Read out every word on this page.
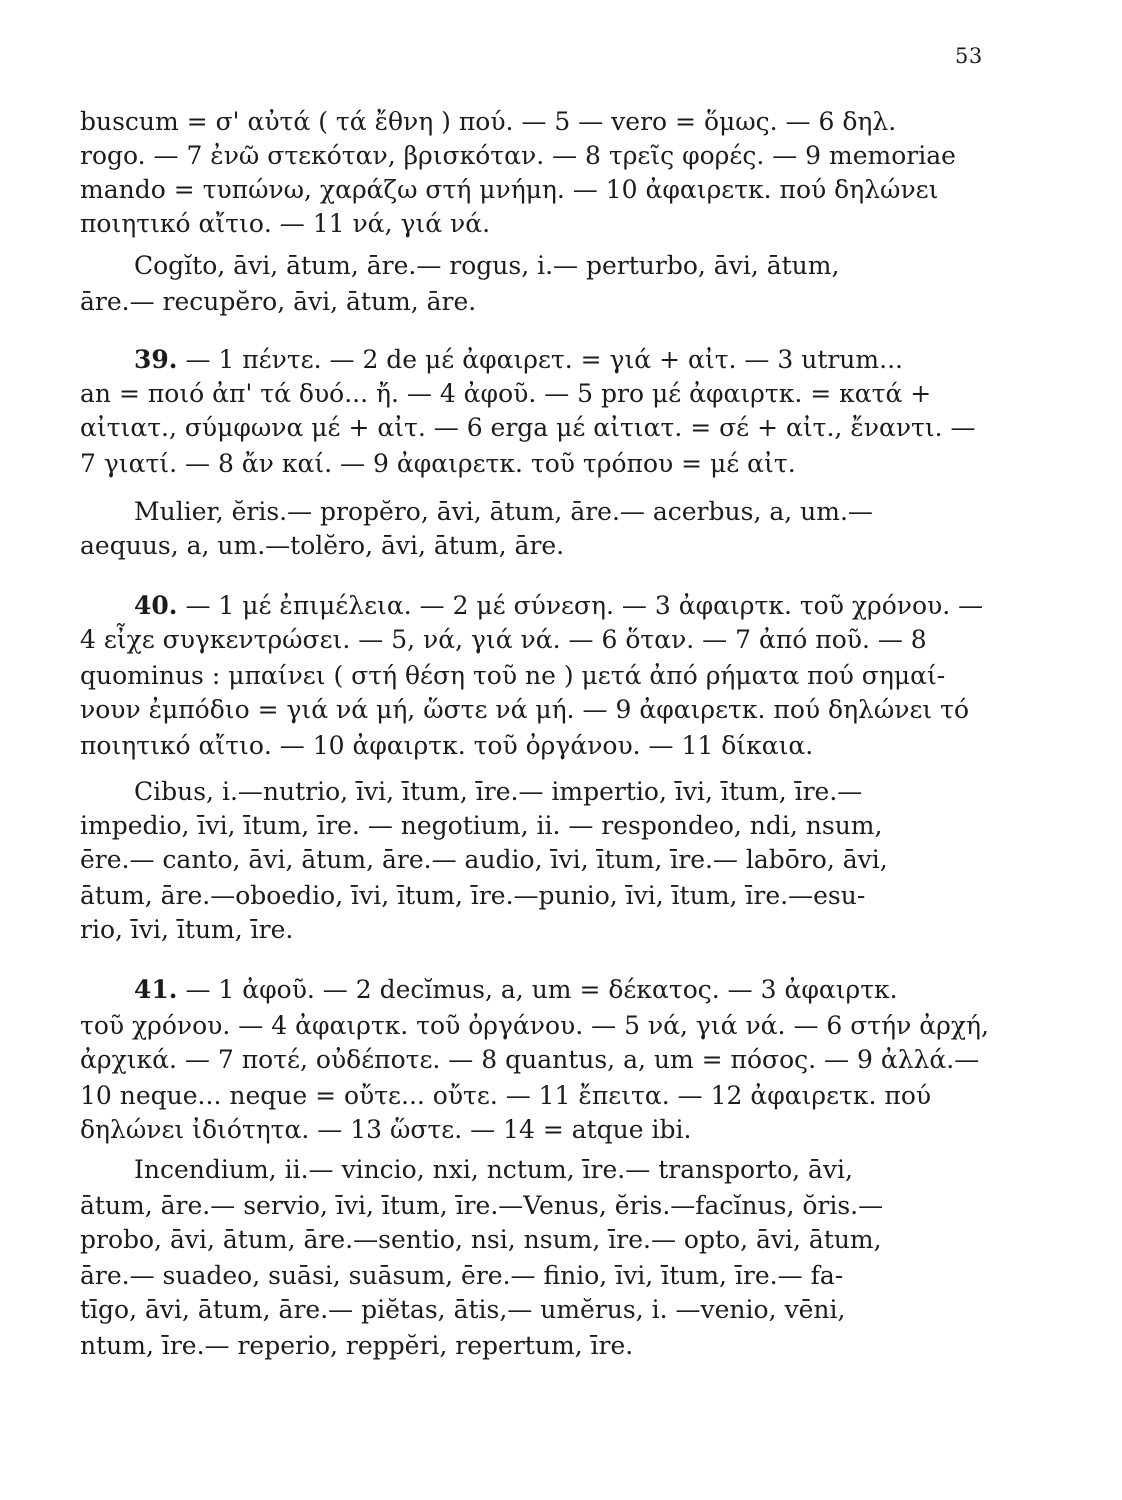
53
buscum = σ' αὐτά ( τά ἔθνη ) πού. — 5 — vero = ὅμως. — 6 δηλ.
rogo. — 7 ἐνῶ στεκόταν, βρισκόταν. — 8 τρεῖς φορές. — 9 memoriae
mando = τυπώνω, χαράζω στή μνήμη. — 10 ἀφαιρετκ. πού δηλώνει
ποιητικό αἴτιο. — 11 νά, γιά νά.
Cogĭto, āvi, ātum, āre.— rogus, i.— perturbo, āvi, ātum,
āre.— recupĕro, āvi, ātum, āre.
39. — 1 πέντε. — 2 de μέ ἀφαιρετ. = γιά + αἰτ. — 3 utrum...
an = ποιό ἀπ' τά δυό... ἤ. — 4 ἀφοῦ. — 5 pro μέ ἀφαιρτκ. = κατά +
αἰτιατ., σύμφωνα μέ + αἰτ. — 6 erga μέ αἰτιατ. = σέ + αἰτ., ἔναντι. —
7 γιατί. — 8 ἄν καί. — 9 ἀφαιρετκ. τοῦ τρόπου = μέ αἰτ.
Mulier, ĕris.— propĕro, āvi, ātum, āre.— acerbus, a, um.—
aequus, a, um.—tolĕro, āvi, ātum, āre.
40. — 1 μέ ἐπιμέλεια. — 2 μέ σύνεση. — 3 ἀφαιρτκ. τοῦ χρόνου. —
4 εἶχε συγκεντρώσει. — 5, νά, γιά νά. — 6 ὅταν. — 7 ἀπό ποῦ. — 8
quominus : μπαίνει ( στή θέση τοῦ ne ) μετά ἀπό ρήματα πού σημαί-
νουν ἐμπόδιο = γιά νά μή, ὥστε νά μή. — 9 ἀφαιρετκ. πού δηλώνει τό
ποιητικό αἴτιο. — 10 ἀφαιρτκ. τοῦ ὀργάνου. — 11 δίκαια.
Cibus, i.—nutrio, īvi, ītum, īre.— impertio, īvi, ītum, īre.—
impedio, īvi, ītum, īre. — negotium, ii. — respondeo, ndi, nsum,
ēre.— canto, āvi, ātum, āre.— audio, īvi, ītum, īre.— labōro, āvi,
ātum, āre.—oboedio, īvi, ītum, īre.—punio, īvi, ītum, īre.—esu-
rio, īvi, ītum, īre.
41. — 1 ἀφοῦ. — 2 decĭmus, a, um = δέκατος. — 3 ἀφαιρτκ.
τοῦ χρόνου. — 4 ἀφαιρτκ. τοῦ ὀργάνου. — 5 νά, γιά νά. — 6 στήν ἀρχή,
ἀρχικά. — 7 ποτέ, οὐδέποτε. — 8 quantus, a, um = πόσος. — 9 ἀλλά.—
10 neque... neque = οὔτε... οὔτε. — 11 ἔπειτα. — 12 ἀφαιρετκ. πού
δηλώνει ἰδιότητα. — 13 ὥστε. — 14 = atque ibi.
Incendium, ii.— vincio, nxi, nctum, īre.— transporto, āvi,
ātum, āre.— servio, īvi, ītum, īre.—Venus, ĕris.—facĭnus, ŏris.—
probo, āvi, ātum, āre.—sentio, nsi, nsum, īre.— opto, āvi, ātum,
āre.— suadeo, suāsi, suāsum, ēre.— finio, īvi, ītum, īre.— fa-
tīgo, āvi, ātum, āre.— piĕtas, ātis,— umĕrus, i. —venio, vēni,
ntum, īre.— reperio, reppĕri, repertum, īre.
